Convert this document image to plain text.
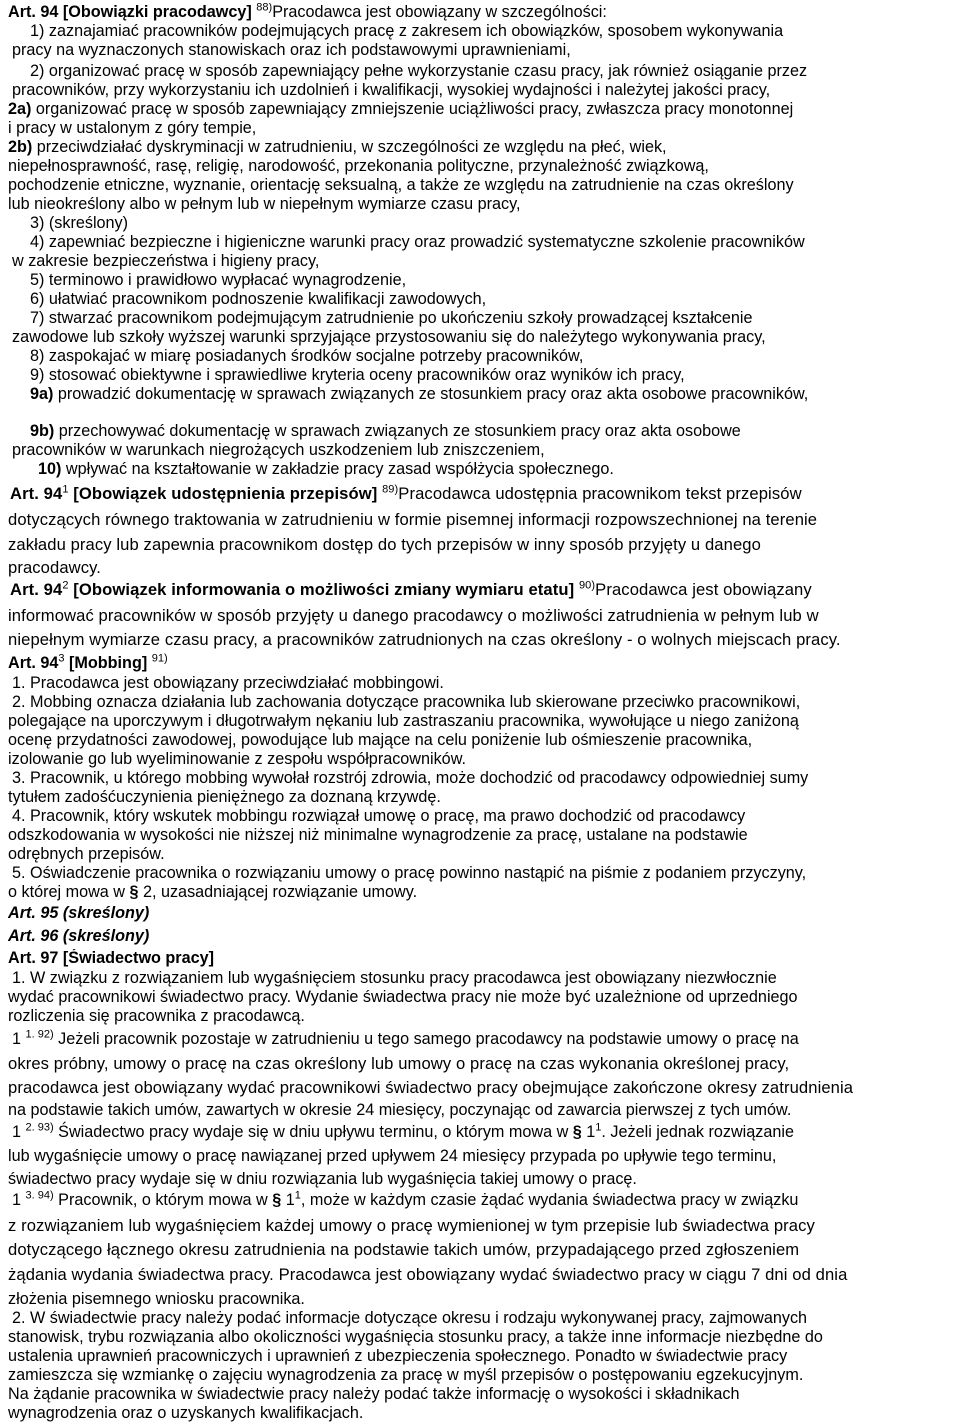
Art. 94 [Obowiązki pracodawcy] $^{88)}$Pracodawca jest obowiązany w szczególności:
1) zaznajamiać pracowników podejmujących pracę z zakresem ich obowiązków, sposobem wykonywania
pracy na wyznaczonych stanowiskach oraz ich podstawowymi uprawnieniami,
2) organizować pracę w sposób zapewniający pełne wykorzystanie czasu pracy, jak również osiąganie przez
pracowników, przy wykorzystaniu ich uzdolnień i kwalifikacji, wysokiej wydajności i należytej jakości pracy,
2a) organizować pracę w sposób zapewniający zmniejszenie uciążliwości pracy, zwłaszcza pracy monotonnej
i pracy w ustalonym z góry tempie,
2b) przeciwdziałać dyskryminacji w zatrudnieniu, w szczególności ze względu na płeć, wiek,
niepełnosprawność, rasę, religię, narodowość, przekonania polityczne, przynależność związkową,
pochodzenie etniczne, wyznanie, orientację seksualną, a także ze względu na zatrudnienie na czas określony
lub nieokreślony albo w pełnym lub w niepełnym wymiarze czasu pracy,
3) (skreślony)
4) zapewniać bezpieczne i higieniczne warunki pracy oraz prowadzić systematyczne szkolenie pracowników
w zakresie bezpieczeństwa i higieny pracy,
5) terminowo i prawidłowo wypłacać wynagrodzenie,
6) ułatwiać pracownikom podnoszenie kwalifikacji zawodowych,
7) stwarzać pracownikom podejmującym zatrudnienie po ukończeniu szkoły prowadzącej kształcenie
zawodowe lub szkoły wyższej warunki sprzyjające przystosowaniu się do należytego wykonywania pracy,
8) zaspokajać w miarę posiadanych środków socjalne potrzeby pracowników,
9) stosować obiektywne i sprawiedliwe kryteria oceny pracowników oraz wyników ich pracy,
9a) prowadzić dokumentację w sprawach związanych ze stosunkiem pracy oraz akta osobowe pracowników,
9b) przechowywać dokumentację w sprawach związanych ze stosunkiem pracy oraz akta osobowe
pracowników w warunkach niegrożących uszkodzeniem lub zniszczeniem,
10) wpływać na kształtowanie w zakładzie pracy zasad współżycia społecznego.
Art. $94^1$ [Obowiązek udostępnienia przepisów] $^{89)}$Pracodawca udostępnia pracownikom tekst przepisów
dotyczących równego traktowania w zatrudnieniu w formie pisemnej informacji rozpowszechnionej na terenie
zakładu pracy lub zapewnia pracownikom dostęp do tych przepisów w inny sposób przyjęty u danego
pracodawcy.
Art. $94^2$ [Obowiązek informowania o możliwości zmiany wymiaru etatu] $^{90)}$Pracodawca jest obowiązany
informować pracowników w sposób przyjęty u danego pracodawcy o możliwości zatrudnienia w pełnym lub w
niepełnym wymiarze czasu pracy, a pracowników zatrudnionych na czas określony - o wolnych miejscach pracy.
Art. $94^3$ [Mobbing] $^{91)}$
1. Pracodawca jest obowiązany przeciwdziałać mobbingowi.
2. Mobbing oznacza działania lub zachowania dotyczące pracownika lub skierowane przeciwko pracownikowi,
polegające na uporczywym i długotrwałym nękaniu lub zastraszaniu pracownika, wywołujące u niego zaniżoną
ocenę przydatności zawodowej, powodujące lub mające na celu poniżenie lub ośmieszenie pracownika,
izolowanie go lub wyeliminowanie z zespołu współpracowników.
3. Pracownik, u którego mobbing wywołał rozstrój zdrowia, może dochodzić od pracodawcy odpowiedniej sumy
tytułem zadośćuczynienia pieniężnego za doznaną krzywdę.
4. Pracownik, który wskutek mobbingu rozwiązał umowę o pracę, ma prawo dochodzić od pracodawcy
odszkodowania w wysokości nie niższej niż minimalne wynagrodzenie za pracę, ustalane na podstawie
odrębnych przepisów.
5. Oświadczenie pracownika o rozwiązaniu umowy o pracę powinno nastąpić na piśmie z podaniem przyczyny,
o której mowa w § 2, uzasadniającej rozwiązanie umowy.
Art. 95 (skreślony)
Art. 96 (skreślony)
Art. 97 [Świadectwo pracy]
1. W związku z rozwiązaniem lub wygaśnięciem stosunku pracy pracodawca jest obowiązany niezwłocznie
wydać pracownikowi świadectwo pracy. Wydanie świadectwa pracy nie może być uzależnione od uprzedniego
rozliczenia się pracownika z pracodawcą.
1 $^{1. 92)}$ Jeżeli pracownik pozostaje w zatrudnieniu u tego samego pracodawcy na podstawie umowy o pracę na
okres próbny, umowy o pracę na czas określony lub umowy o pracę na czas wykonania określonej pracy,
pracodawca jest obowiązany wydać pracownikowi świadectwo pracy obejmujące zakończone okresy zatrudnienia
na podstawie takich umów, zawartych w okresie 24 miesięcy, poczynając od zawarcia pierwszej z tych umów.
1 $^{2. 93)}$ Świadectwo pracy wydaje się w dniu upływu terminu, o którym mowa w § $1^1$. Jeżeli jednak rozwiązanie
lub wygaśnięcie umowy o pracę nawiązanej przed upływem 24 miesięcy przypada po upływie tego terminu,
świadectwo pracy wydaje się w dniu rozwiązania lub wygaśnięcia takiej umowy o pracę.
1 $^{3. 94)}$ Pracownik, o którym mowa w § $1^1$, może w każdym czasie żądać wydania świadectwa pracy w związku
z rozwiązaniem lub wygaśnięciem każdej umowy o pracę wymienionej w tym przepisie lub świadectwa pracy
dotyczącego łącznego okresu zatrudnienia na podstawie takich umów, przypadającego przed zgłoszeniem
żądania wydania świadectwa pracy. Pracodawca jest obowiązany wydać świadectwo pracy w ciągu 7 dni od dnia
złożenia pisemnego wniosku pracownika.
2. W świadectwie pracy należy podać informacje dotyczące okresu i rodzaju wykonywanej pracy, zajmowanych
stanowisk, trybu rozwiązania albo okoliczności wygaśnięcia stosunku pracy, a także inne informacje niezbędne do
ustalenia uprawnień pracowniczych i uprawnień z ubezpieczenia społecznego. Ponadto w świadectwie pracy
zamieszcza się wzmiankę o zajęciu wynagrodzenia za pracę w myśl przepisów o postępowaniu egzekucyjnym.
Na żądanie pracownika w świadectwie pracy należy podać także informację o wysokości i składnikach
wynagrodzenia oraz o uzyskanych kwalifikacjach.
